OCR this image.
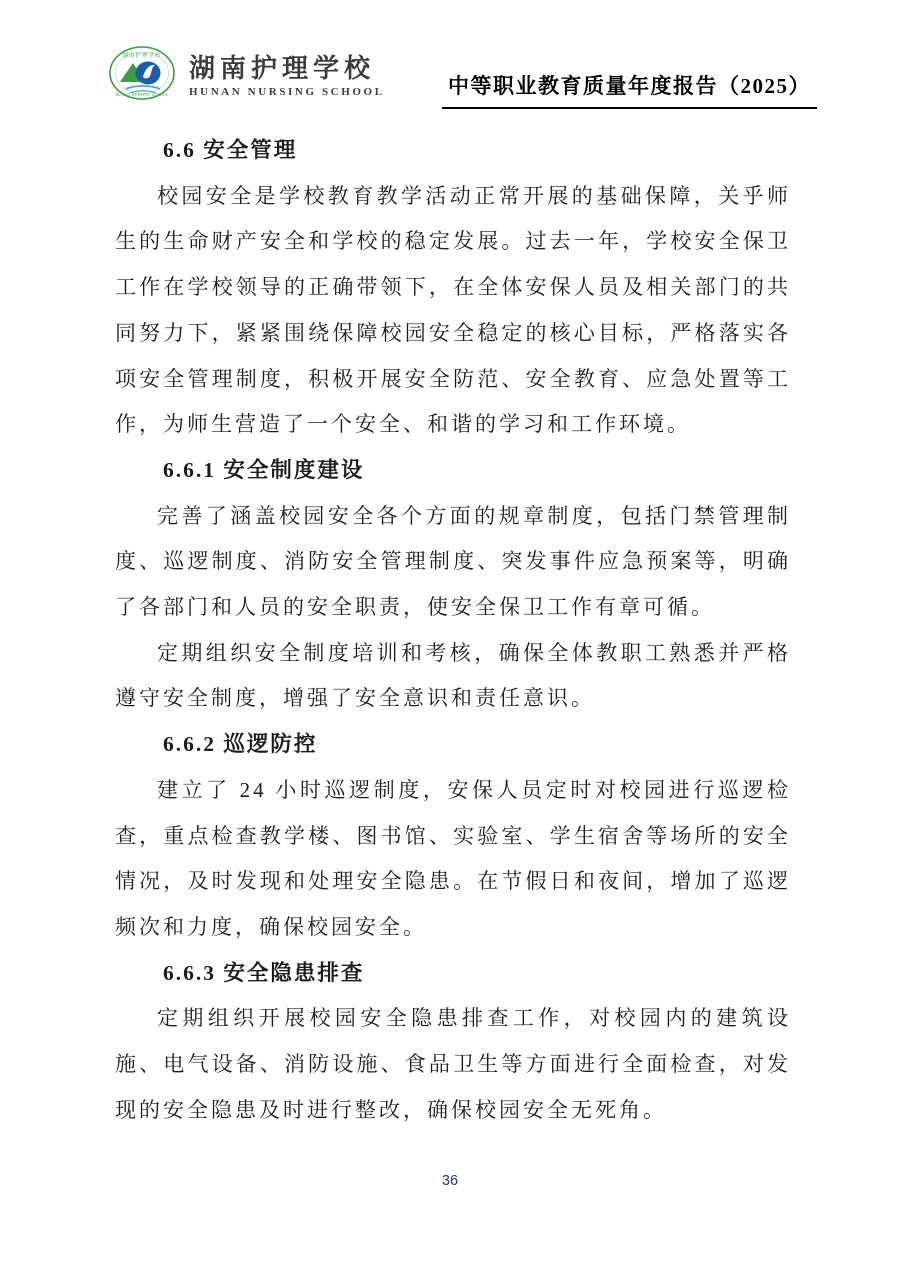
湖南护理学校
HUNAN NURSING SCHOOL
湖南护理学校
HUNAN NURSING SCHOOL	中等职业教育质量年度报告（2025）
6.6 安全管理

校园安全是学校教育教学活动正常开展的基础保障，关乎师生的生命财产安全和学校的稳定发展。过去一年，学校安全保卫工作在学校领导的正确带领下，在全体安保人员及相关部门的共同努力下，紧紧围绕保障校园安全稳定的核心目标，严格落实各项安全管理制度，积极开展安全防范、安全教育、应急处置等工作，为师生营造了一个安全、和谐的学习和工作环境。

6.6.1 安全制度建设

完善了涵盖校园安全各个方面的规章制度，包括门禁管理制度、巡逻制度、消防安全管理制度、突发事件应急预案等，明确了各部门和人员的安全职责，使安全保卫工作有章可循。

定期组织安全制度培训和考核，确保全体教职工熟悉并严格遵守安全制度，增强了安全意识和责任意识。

6.6.2 巡逻防控

建立了 24 小时巡逻制度，安保人员定时对校园进行巡逻检查，重点检查教学楼、图书馆、实验室、学生宿舍等场所的安全情况，及时发现和处理安全隐患。在节假日和夜间，增加了巡逻频次和力度，确保校园安全。

6.6.3 安全隐患排查

定期组织开展校园安全隐患排查工作，对校园内的建筑设施、电气设备、消防设施、食品卫生等方面进行全面检查，对发现的安全隐患及时进行整改，确保校园安全无死角。

36
